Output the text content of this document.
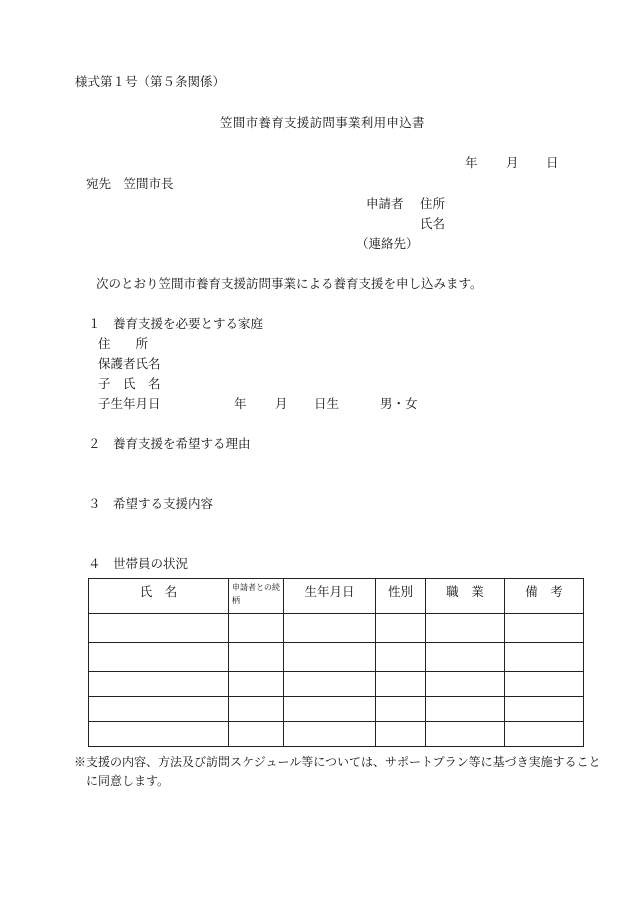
様式第１号（第５条関係）
笠間市養育支援訪問事業利用申込書
年 月 日
宛先　笠間市長
申請者 住所
氏名
（連絡先）
次のとおり笠間市養育支援訪問事業による養育支援を申し込みます。
１　養育支援を必要とする家庭
住　　所
保護者氏名
子　氏　名
子生年月日	年 月 日生	男・女
２　養育支援を希望する理由
３　希望する支援内容
４　世帯員の状況
氏　名	申請者との続柄	生年月日	性別	職　業	備　考

※支援の内容、方法及び訪問スケジュール等については、サポートプラン等に基づき実施すること
に同意します。
